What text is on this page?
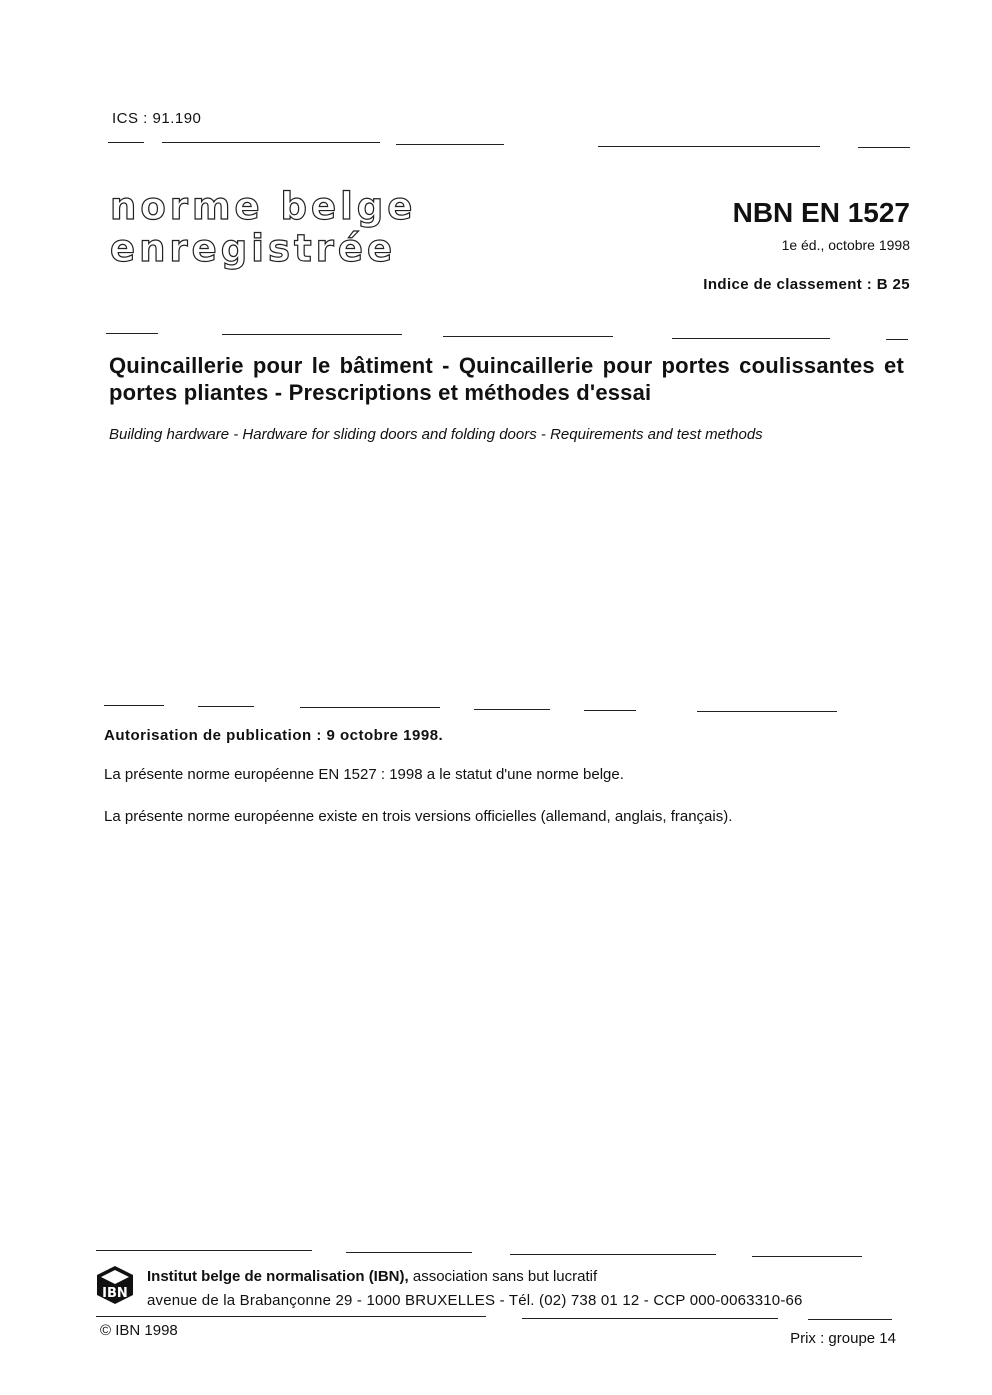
ICS : 91.190
norme belge
enregistrée
NBN EN 1527
1e éd., octobre 1998
Indice de classement : B 25
Quincaillerie pour le bâtiment - Quincaillerie pour portes coulissantes et portes pliantes - Prescriptions et méthodes d'essai
Building hardware - Hardware for sliding doors and folding doors - Requirements and test methods
Autorisation de publication : 9 octobre 1998.
La présente norme européenne EN 1527 : 1998 a le statut d'une norme belge.
La présente norme européenne existe en trois versions officielles (allemand, anglais, français).
IBN
Institut belge de normalisation (IBN), association sans but lucratif
avenue de la Brabançonne 29 - 1000 BRUXELLES - Tél. (02) 738 01 12 - CCP 000-0063310-66
© IBN 1998	Prix : groupe 14
